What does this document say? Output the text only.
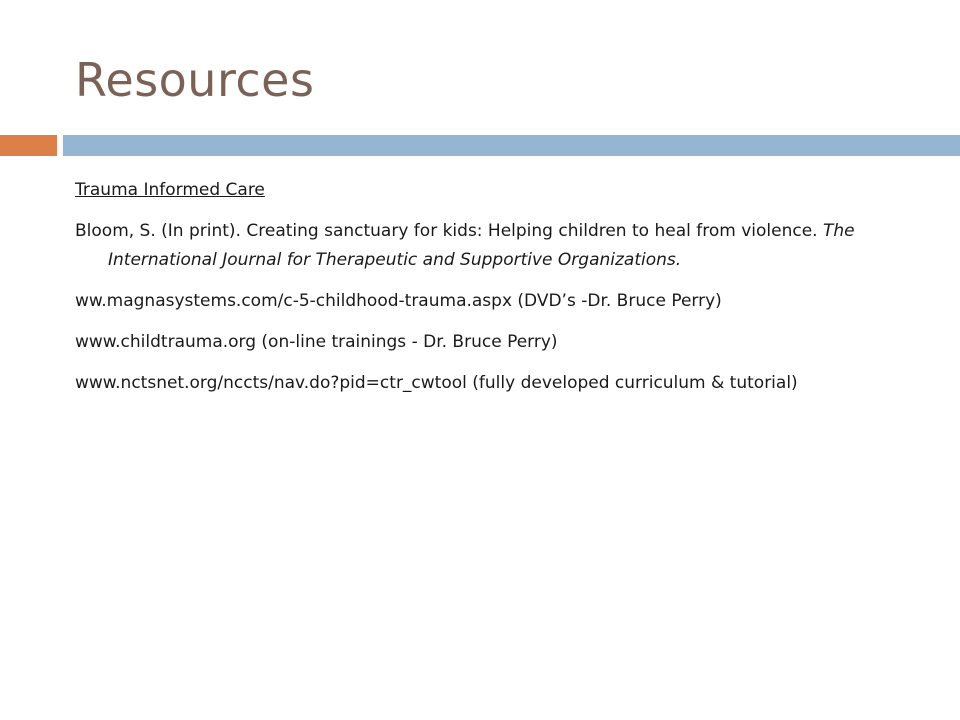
Resources

Trauma Informed Care

Bloom, S. (In print). Creating sanctuary for kids: Helping children to heal from violence. The International Journal for Therapeutic and Supportive Organizations.

ww.magnasystems.com/c-5-childhood-trauma.aspx (DVD’s -Dr. Bruce Perry)

www.childtrauma.org (on-line trainings - Dr. Bruce Perry)

www.nctsnet.org/nccts/nav.do?pid=ctr_cwtool (fully developed curriculum & tutorial)
